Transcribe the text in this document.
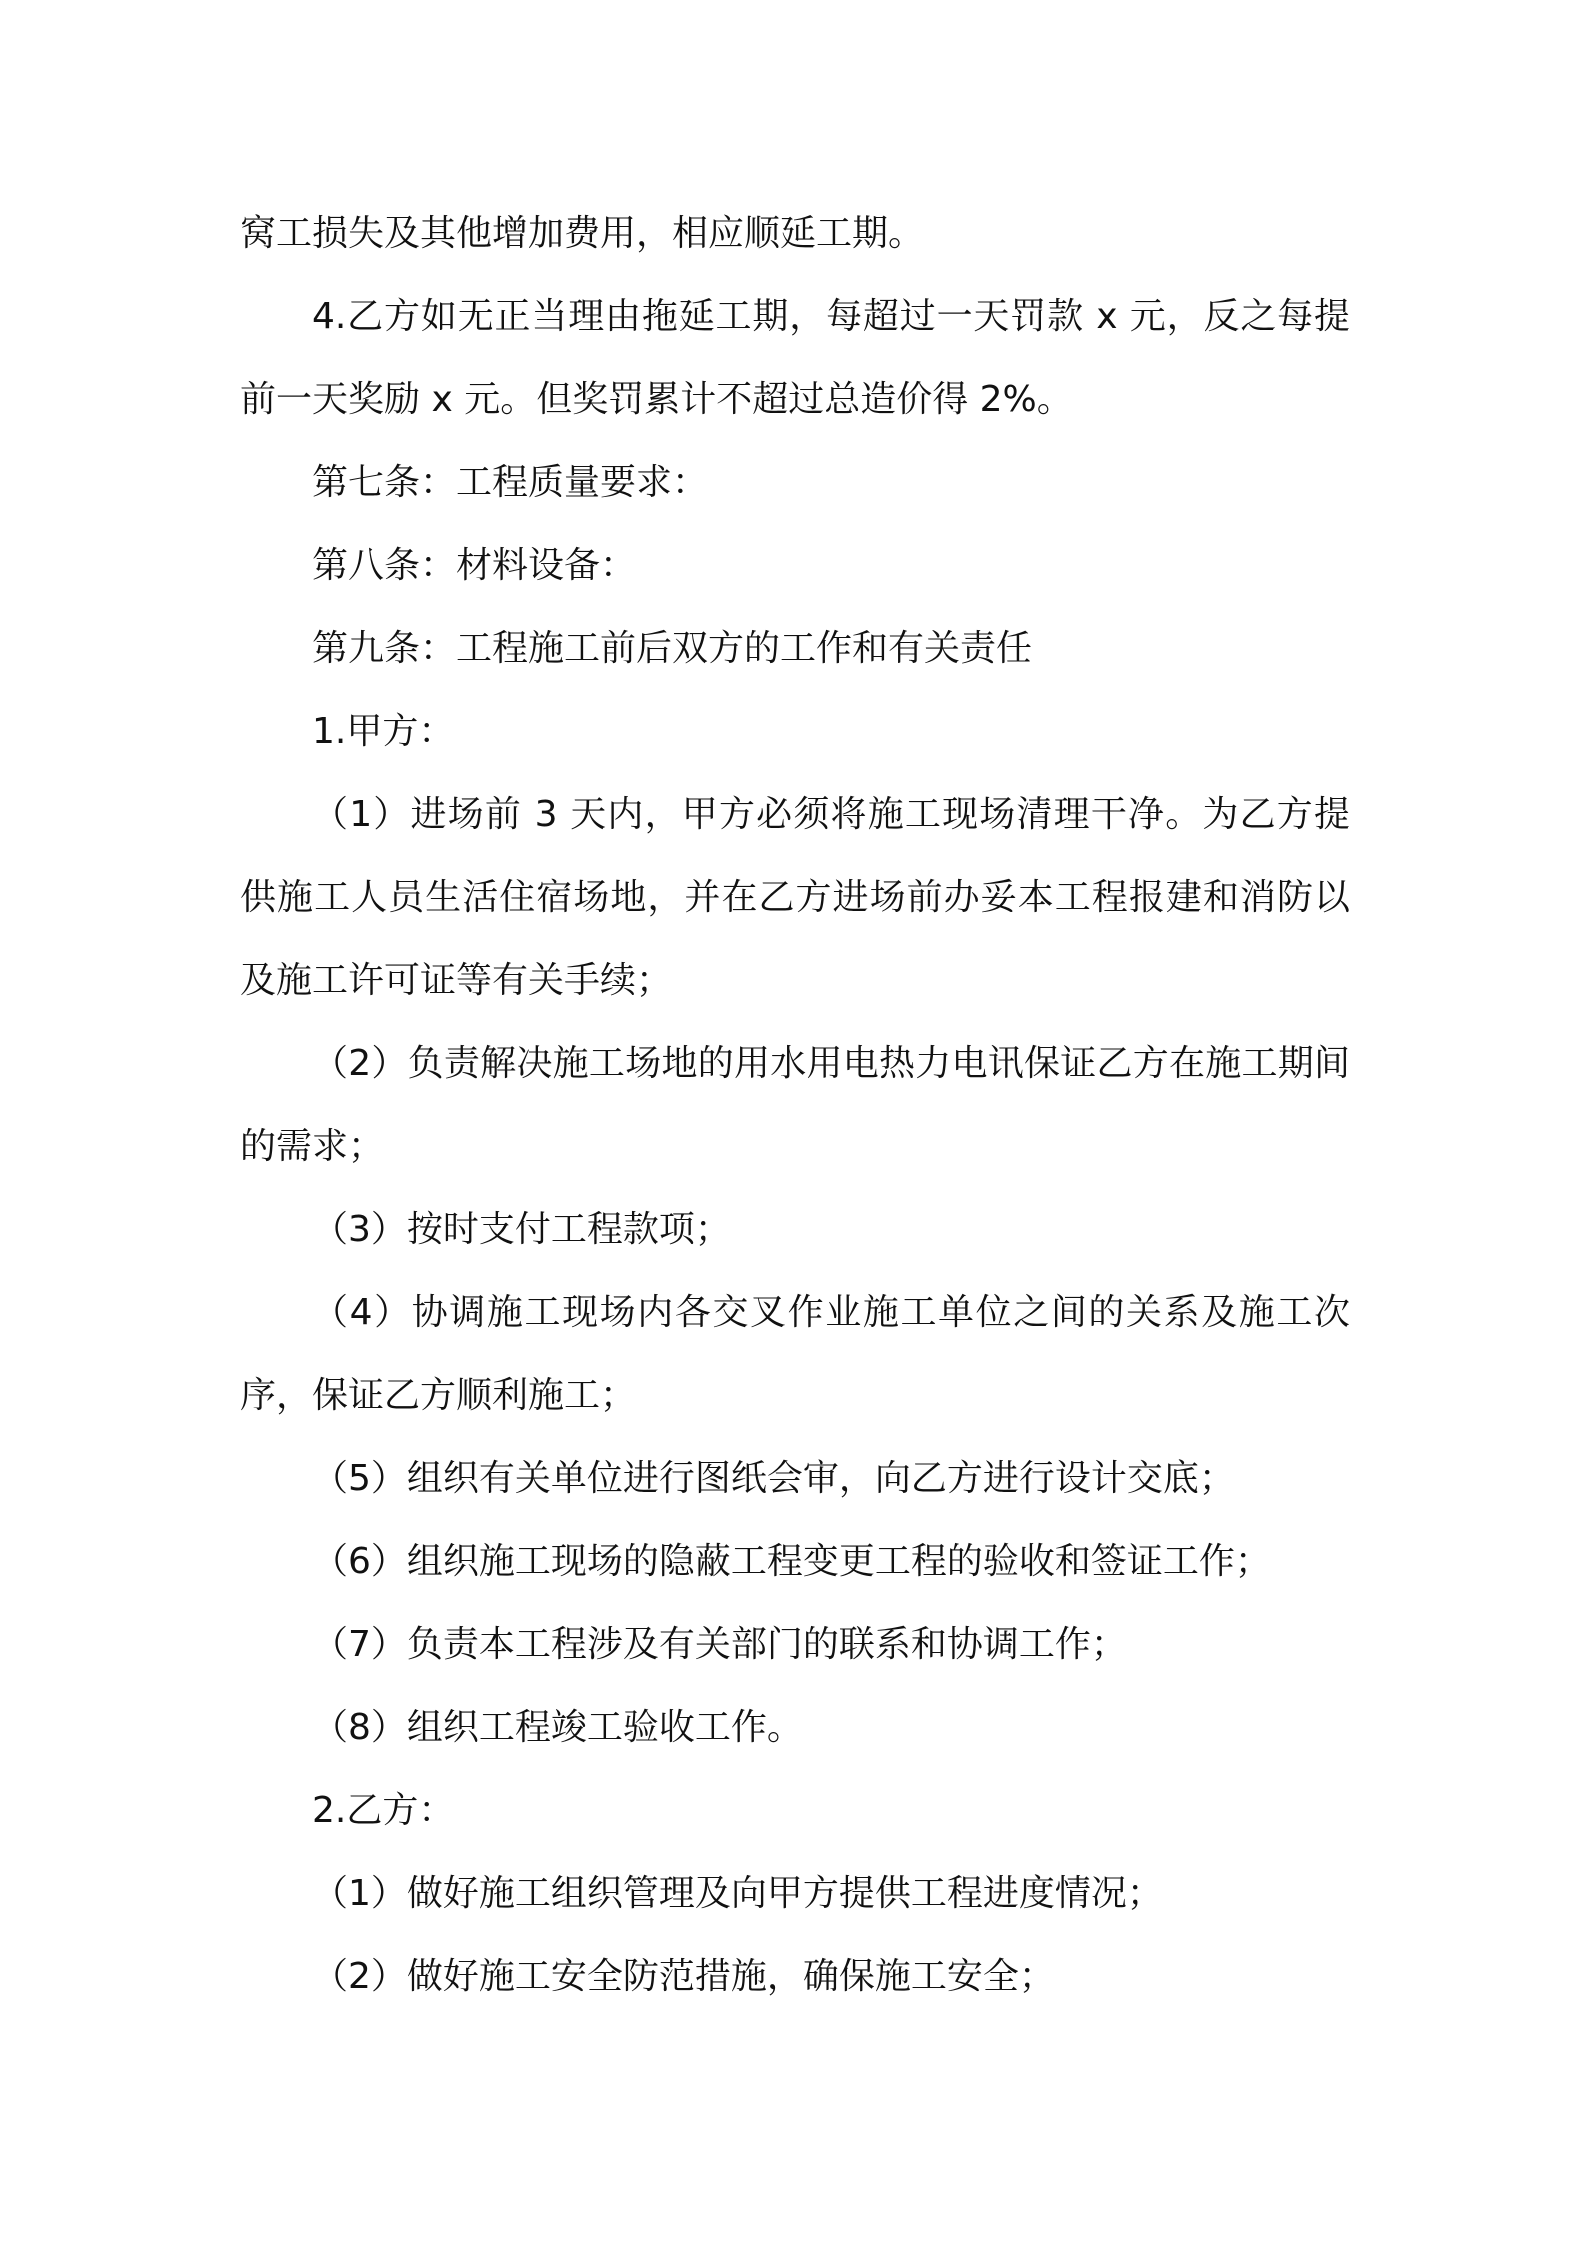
窝工损失及其他增加费用，相应顺延工期。

4.乙方如无正当理由拖延工期，每超过一天罚款 x 元，反之每提前一天奖励 x 元。但奖罚累计不超过总造价得 2%。

第七条：工程质量要求：

第八条：材料设备：

第九条：工程施工前后双方的工作和有关责任

1.甲方：

（1）进场前 3 天内，甲方必须将施工现场清理干净。为乙方提供施工人员生活住宿场地，并在乙方进场前办妥本工程报建和消防以及施工许可证等有关手续；

（2）负责解决施工场地的用水用电热力电讯保证乙方在施工期间的需求；

（3）按时支付工程款项；

（4）协调施工现场内各交叉作业施工单位之间的关系及施工次序，保证乙方顺利施工；

（5）组织有关单位进行图纸会审，向乙方进行设计交底；

（6）组织施工现场的隐蔽工程变更工程的验收和签证工作；

（7）负责本工程涉及有关部门的联系和协调工作；

（8）组织工程竣工验收工作。

2.乙方：

（1）做好施工组织管理及向甲方提供工程进度情况；

（2）做好施工安全防范措施，确保施工安全；
